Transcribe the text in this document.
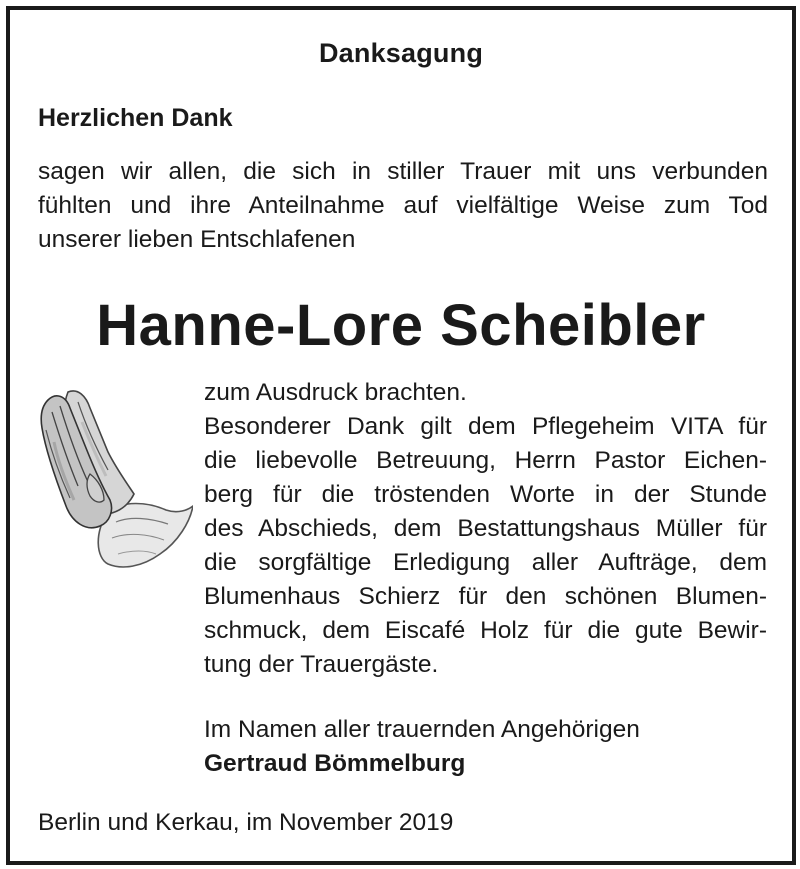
Danksagung
Herzlichen Dank
sagen wir allen, die sich in stiller Trauer mit uns verbunden
fühlten und ihre Anteilnahme auf vielfältige Weise zum Tod
unserer lieben Entschlafenen
Hanne-Lore Scheibler
zum Ausdruck brachten.
Besonderer Dank gilt dem Pflegeheim VITA für
die liebevolle Betreuung, Herrn Pastor Eichen-
berg für die tröstenden Worte in der Stunde
des Abschieds, dem Bestattungshaus Müller für
die sorgfältige Erledigung aller Aufträge, dem
Blumenhaus Schierz für den schönen Blumen-
schmuck, dem Eiscafé Holz für die gute Bewir-
tung der Trauergäste.
Im Namen aller trauernden Angehörigen
Gertraud Bömmelburg
Berlin und Kerkau, im November 2019
